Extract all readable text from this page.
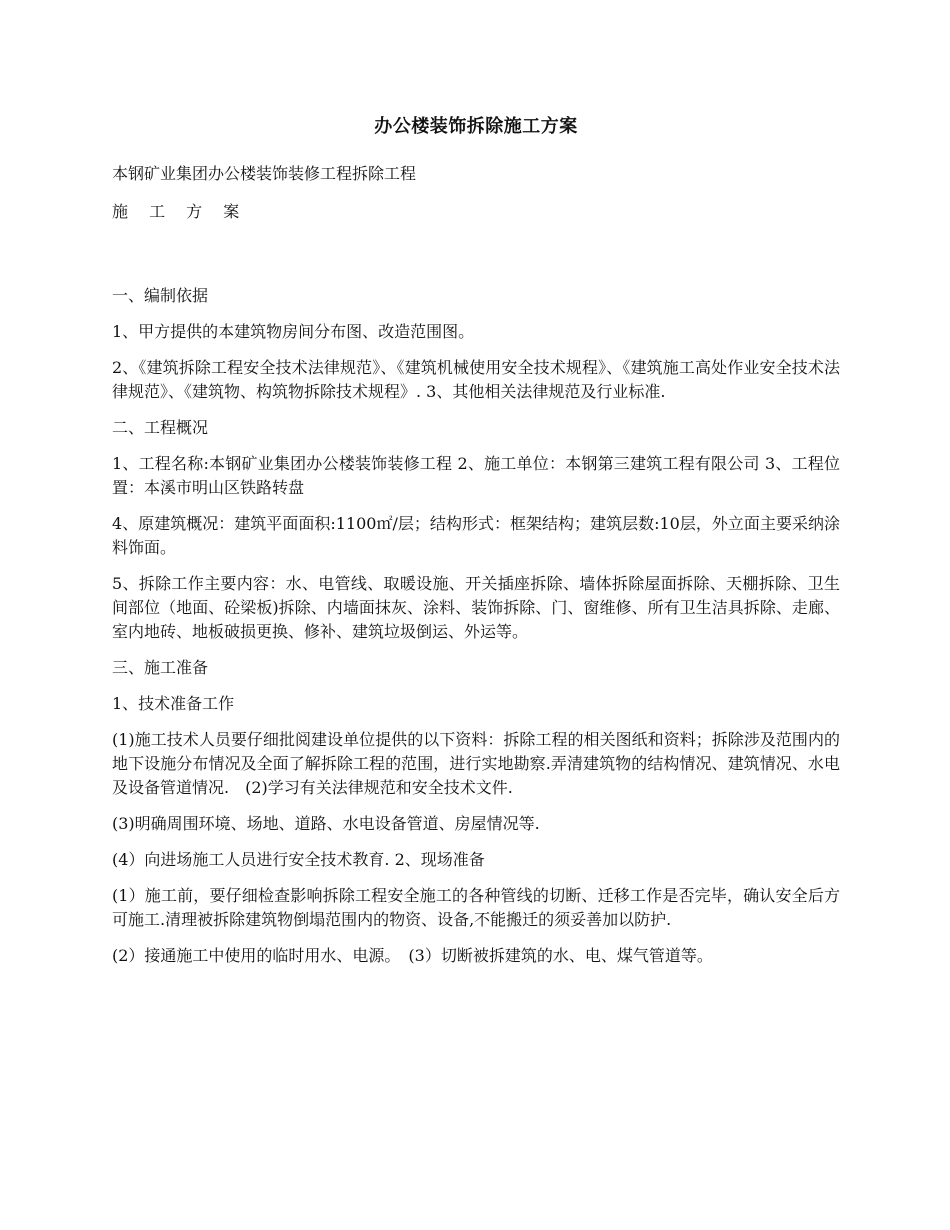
办公楼装饰拆除施工方案

本钢矿业集团办公楼装饰装修工程拆除工程

施 工 方 案

一、编制依据

1、甲方提供的本建筑物房间分布图、改造范围图。

2、《建筑拆除工程安全技术法律规范》、《建筑机械使用安全技术规程》、《建筑施工高处作业安全技术法律规范》、《建筑物、构筑物拆除技术规程》. 3、其他相关法律规范及行业标准.

二、工程概况

1、工程名称:本钢矿业集团办公楼装饰装修工程 2、施工单位：本钢第三建筑工程有限公司 3、工程位置：本溪市明山区铁路转盘

4、原建筑概况：建筑平面面积:1100㎡/层；结构形式：框架结构；建筑层数:10层，外立面主要采纳涂料饰面。

5、拆除工作主要内容：水、电管线、取暖设施、开关插座拆除、墙体拆除屋面拆除、天棚拆除、卫生间部位（地面、砼梁板)拆除、内墙面抹灰、涂料、装饰拆除、门、窗维修、所有卫生洁具拆除、走廊、室内地砖、地板破损更换、修补、建筑垃圾倒运、外运等。

三、施工准备

1、技术准备工作

(1)施工技术人员要仔细批阅建设单位提供的以下资料：拆除工程的相关图纸和资料；拆除涉及范围内的地下设施分布情况及全面了解拆除工程的范围，进行实地勘察.弄清建筑物的结构情况、建筑情况、水电及设备管道情况.　(2)学习有关法律规范和安全技术文件.

(3)明确周围环境、场地、道路、水电设备管道、房屋情况等.

(4）向进场施工人员进行安全技术教育. 2、现场准备

(1）施工前，要仔细检查影响拆除工程安全施工的各种管线的切断、迁移工作是否完毕，确认安全后方可施工.清理被拆除建筑物倒塌范围内的物资、设备,不能搬迁的须妥善加以防护.

(2）接通施工中使用的临时用水、电源。　(3）切断被拆建筑的水、电、煤气管道等。
